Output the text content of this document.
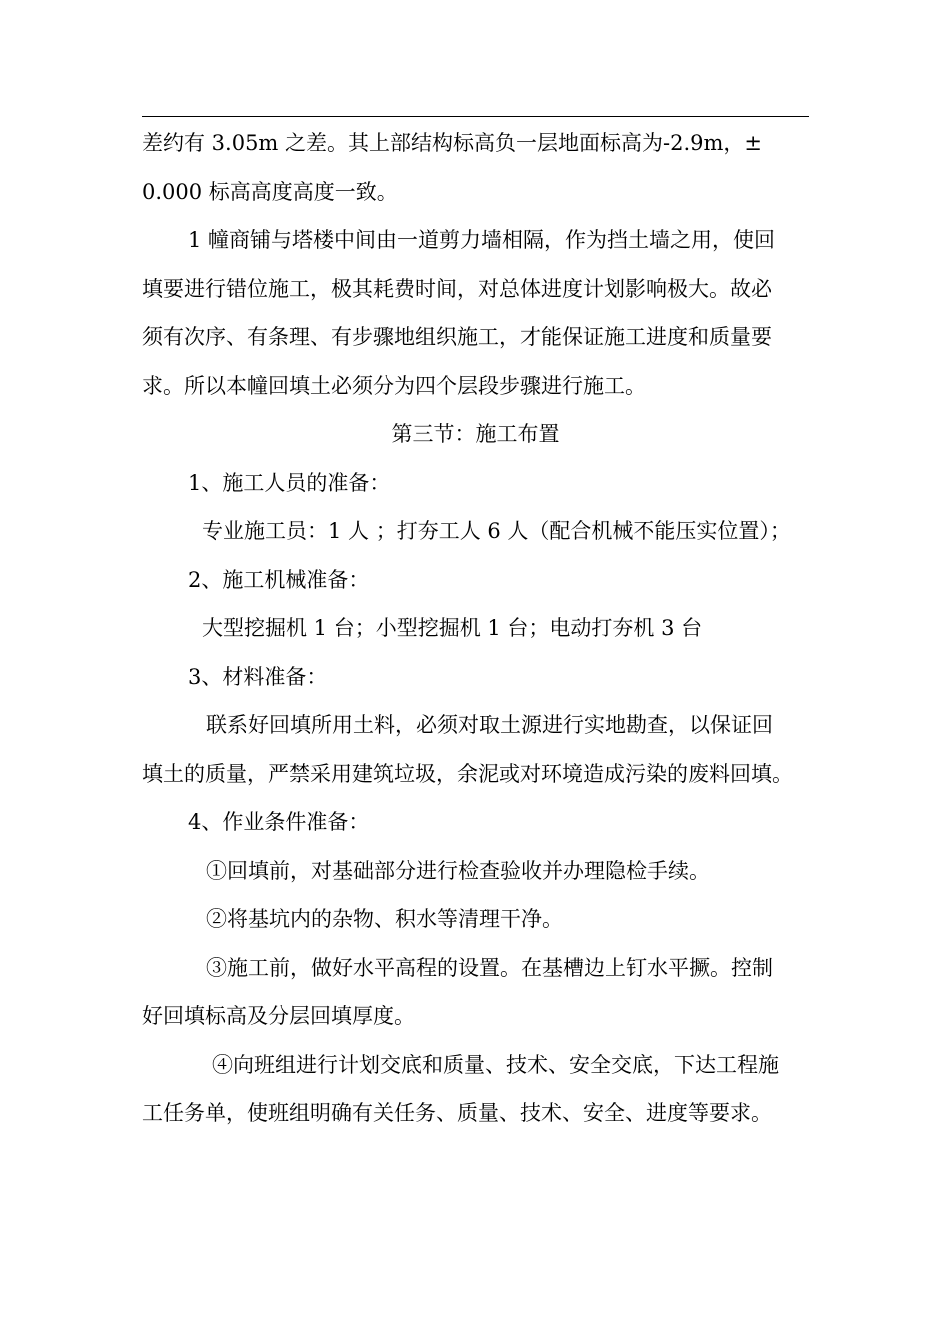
差约有 3.05m 之差。其上部结构标高负一层地面标高为-2.9m，±
0.000 标高高度高度一致。
1 幢商铺与塔楼中间由一道剪力墙相隔，作为挡土墙之用，使回
填要进行错位施工，极其耗费时间，对总体进度计划影响极大。故必
须有次序、有条理、有步骤地组织施工，才能保证施工进度和质量要
求。所以本幢回填土必须分为四个层段步骤进行施工。
第三节：施工布置
1、施工人员的准备：
专业施工员：1 人 ；打夯工人 6 人（配合机械不能压实位置）；
2、施工机械准备：
大型挖掘机 1 台；小型挖掘机 1 台；电动打夯机 3 台
3、材料准备：
联系好回填所用土料，必须对取土源进行实地勘查，以保证回
填土的质量，严禁采用建筑垃圾，余泥或对环境造成污染的废料回填。
4、作业条件准备：
①回填前，对基础部分进行检查验收并办理隐检手续。
②将基坑内的杂物、积水等清理干净。
③施工前，做好水平高程的设置。在基槽边上钉水平撅。控制
好回填标高及分层回填厚度。
④向班组进行计划交底和质量、技术、安全交底，下达工程施
工任务单，使班组明确有关任务、质量、技术、安全、进度等要求。
